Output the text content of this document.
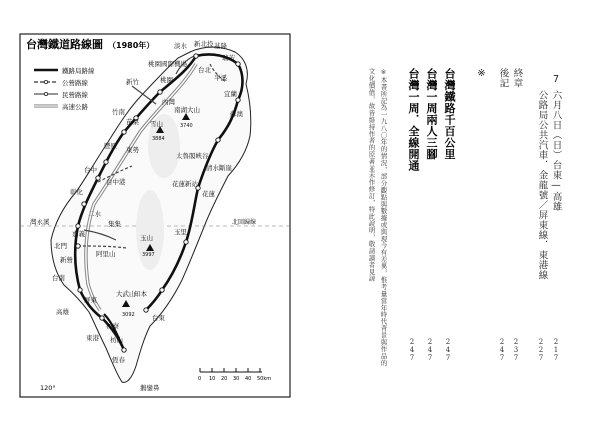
台灣鐵道路線圖 （1980年）
鐵路局路線
公營路線
民營路線
高速公路
北回歸線
淡水 新北投 基隆
桃園國際機場
台北
瑞芳
平溪
桃園
內灣
新竹
竹南
宜蘭
蘇澳
苗栗 雪山
3884
南湖大山
3740
豐原 東勢
台中
台中港
彰化
太魯閣峽谷
清水斷崖
花蓮新站
花蓮
二水
集集
灣永溪
嘉義
阿里山
玉山
3997
北門
新營
台南
玉里
高雄
屏東
大武山
3092
知本
台東
枋寮
枋山
東港
恆春
鵝鑾鼻
120°
0 10 20 30 40 50km
7
六月八日（日）台東—高雄
公路局公共汽車．金龍號／屏東線．東港線
終章
後記
※
台灣鐵路千百公里
台灣一周兩人三腳
台灣一周．全線開通
※本書所記為一九八〇年的情況，部分觀點與數據或與現今有差異，惟考量當年時代背景與作品的
文化價值，故皆維持作者的原著並未作修訂，特此說明，敬請讀者見諒
217
227
237
247
247
247
247
